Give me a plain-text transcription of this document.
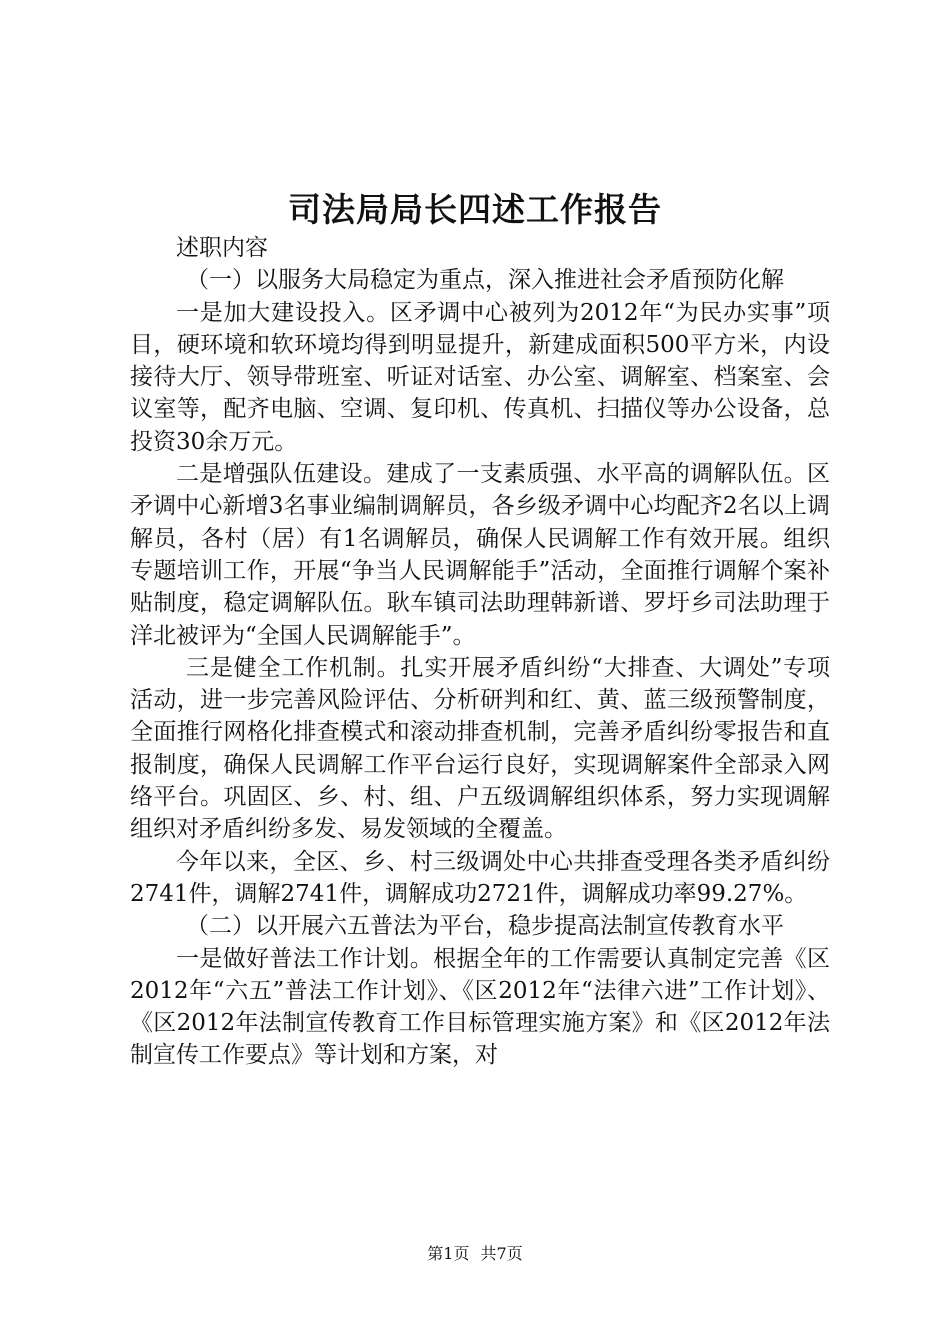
司法局局长四述工作报告

述职内容

（一）以服务大局稳定为重点，深入推进社会矛盾预防化解

一是加大建设投入。区矛调中心被列为2012年“为民办实事”项目，硬环境和软环境均得到明显提升，新建成面积500平方米，内设接待大厅、领导带班室、听证对话室、办公室、调解室、档案室、会议室等，配齐电脑、空调、复印机、传真机、扫描仪等办公设备，总投资30余万元。

二是增强队伍建设。建成了一支素质强、水平高的调解队伍。区矛调中心新增3名事业编制调解员，各乡级矛调中心均配齐2名以上调解员，各村（居）有1名调解员，确保人民调解工作有效开展。组织专题培训工作，开展“争当人民调解能手”活动，全面推行调解个案补贴制度，稳定调解队伍。耿车镇司法助理韩新谱、罗圩乡司法助理于洋北被评为“全国人民调解能手”。

三是健全工作机制。扎实开展矛盾纠纷“大排查、大调处”专项活动，进一步完善风险评估、分析研判和红、黄、蓝三级预警制度，全面推行网格化排查模式和滚动排查机制，完善矛盾纠纷零报告和直报制度，确保人民调解工作平台运行良好，实现调解案件全部录入网络平台。巩固区、乡、村、组、户五级调解组织体系，努力实现调解组织对矛盾纠纷多发、易发领域的全覆盖。

今年以来，全区、乡、村三级调处中心共排查受理各类矛盾纠纷2741件，调解2741件，调解成功2721件，调解成功率99.27%。

（二）以开展六五普法为平台，稳步提高法制宣传教育水平

一是做好普法工作计划。根据全年的工作需要认真制定完善《区2012年“六五”普法工作计划》、《区2012年“法律六进”工作计划》、《区2012年法制宣传教育工作目标管理实施方案》和《区2012年法制宣传工作要点》等计划和方案，对

第1页 共7页
